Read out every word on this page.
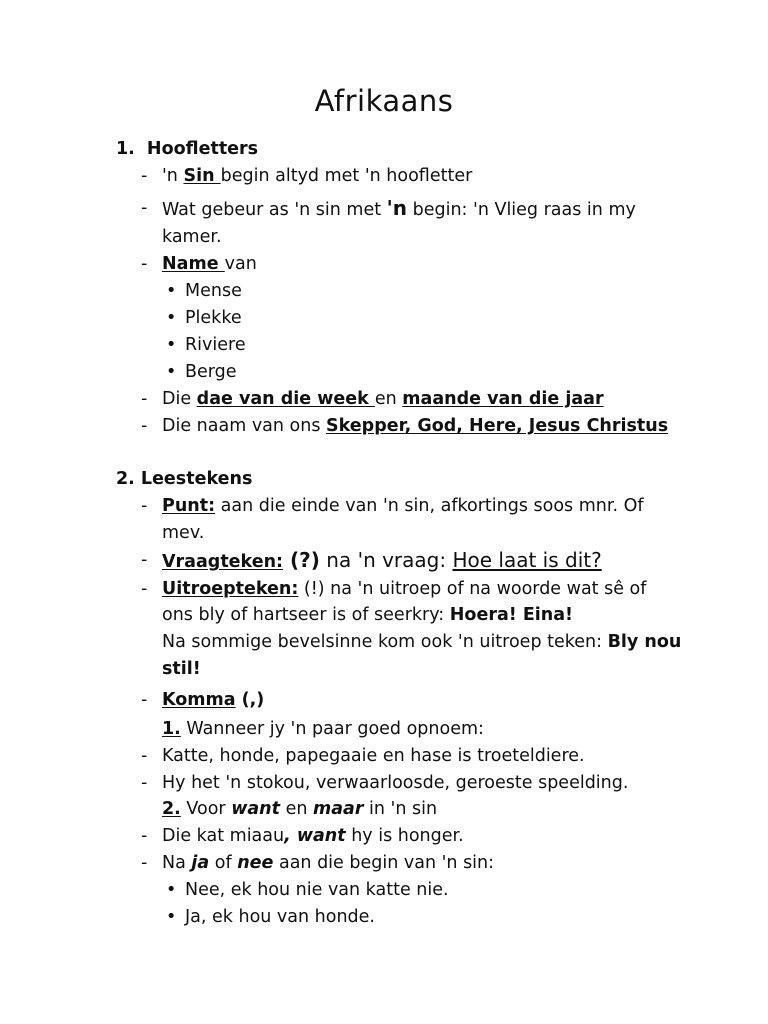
Afrikaans
1. Hoofletters
- 'n Sin begin altyd met 'n hoofletter
- Wat gebeur as 'n sin met 'n begin: 'n Vlieg raas in my
kamer.
- Name van
• Mense
• Plekke
• Riviere
• Berge
- Die dae van die week en maande van die jaar
- Die naam van ons Skepper, God, Here, Jesus Christus
2. Leestekens
- Punt: aan die einde van 'n sin, afkortings soos mnr. Of
mev.
- Vraagteken: (?) na 'n vraag: Hoe laat is dit?
- Uitroepteken: (!) na 'n uitroep of na woorde wat sê of
ons bly of hartseer is of seerkry: Hoera! Eina!
Na sommige bevelsinne kom ook 'n uitroep teken: Bly nou
stil!
- Komma (,)
1. Wanneer jy 'n paar goed opnoem:
- Katte, honde, papegaaie en hase is troeteldiere.
- Hy het 'n stokou, verwaarloosde, geroeste speelding.
2. Voor want en maar in 'n sin
- Die kat miaau, want hy is honger.
- Na ja of nee aan die begin van 'n sin:
• Nee, ek hou nie van katte nie.
• Ja, ek hou van honde.
